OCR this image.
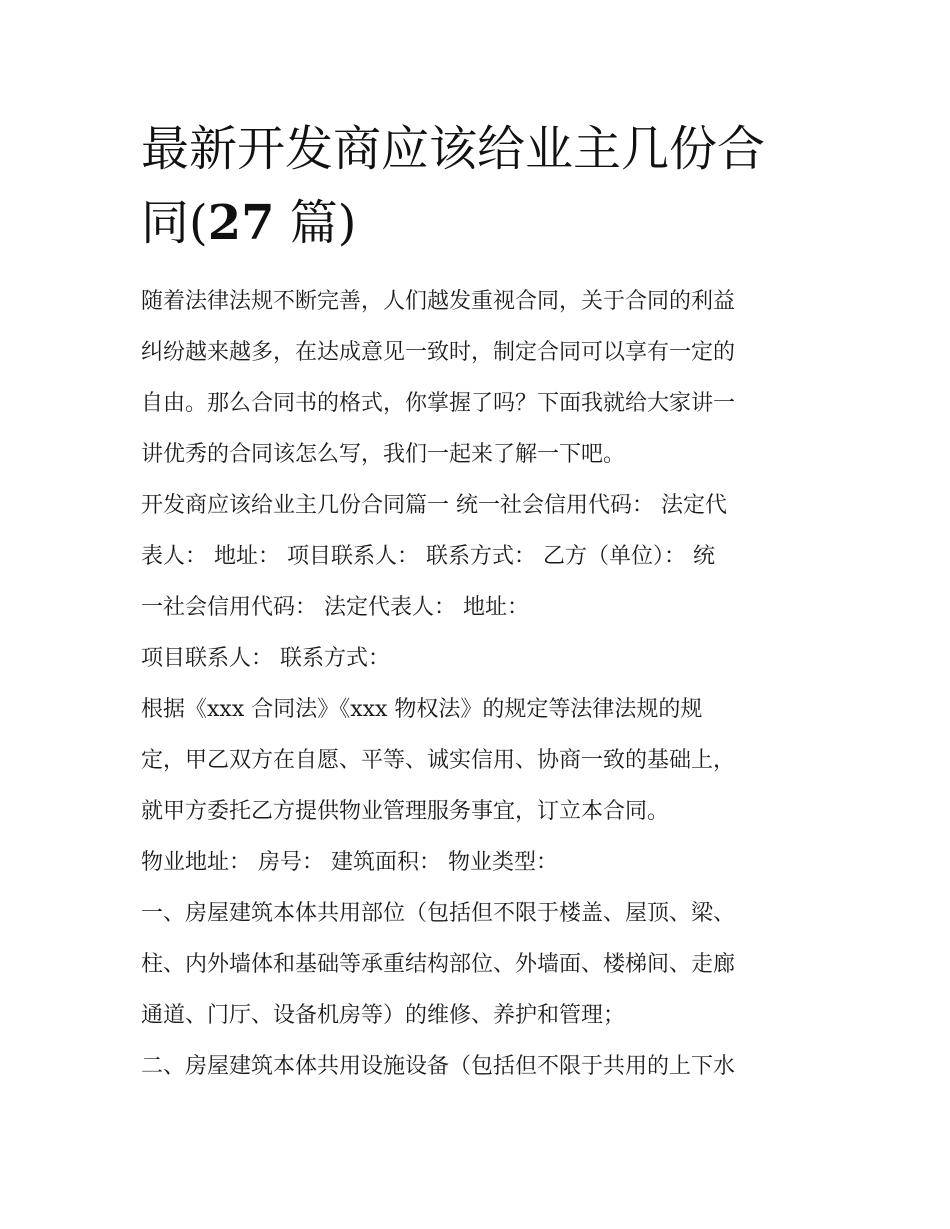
最新开发商应该给业主几份合
同(27 篇)

随着法律法规不断完善，人们越发重视合同，关于合同的利益

纠纷越来越多，在达成意见一致时，制定合同可以享有一定的

自由。那么合同书的格式，你掌握了吗？下面我就给大家讲一

讲优秀的合同该怎么写，我们一起来了解一下吧。

开发商应该给业主几份合同篇一 统一社会信用代码： 法定代

表人： 地址： 项目联系人： 联系方式： 乙方（单位）： 统

一社会信用代码： 法定代表人： 地址：

项目联系人： 联系方式：

根据《xxx 合同法》《xxx 物权法》的规定等法律法规的规

定，甲乙双方在自愿、平等、诚实信用、协商一致的基础上，

就甲方委托乙方提供物业管理服务事宜，订立本合同。

物业地址： 房号： 建筑面积： 物业类型：

一、房屋建筑本体共用部位（包括但不限于楼盖、屋顶、梁、

柱、内外墙体和基础等承重结构部位、外墙面、楼梯间、走廊

通道、门厅、设备机房等）的维修、养护和管理；

二、房屋建筑本体共用设施设备（包括但不限于共用的上下水
